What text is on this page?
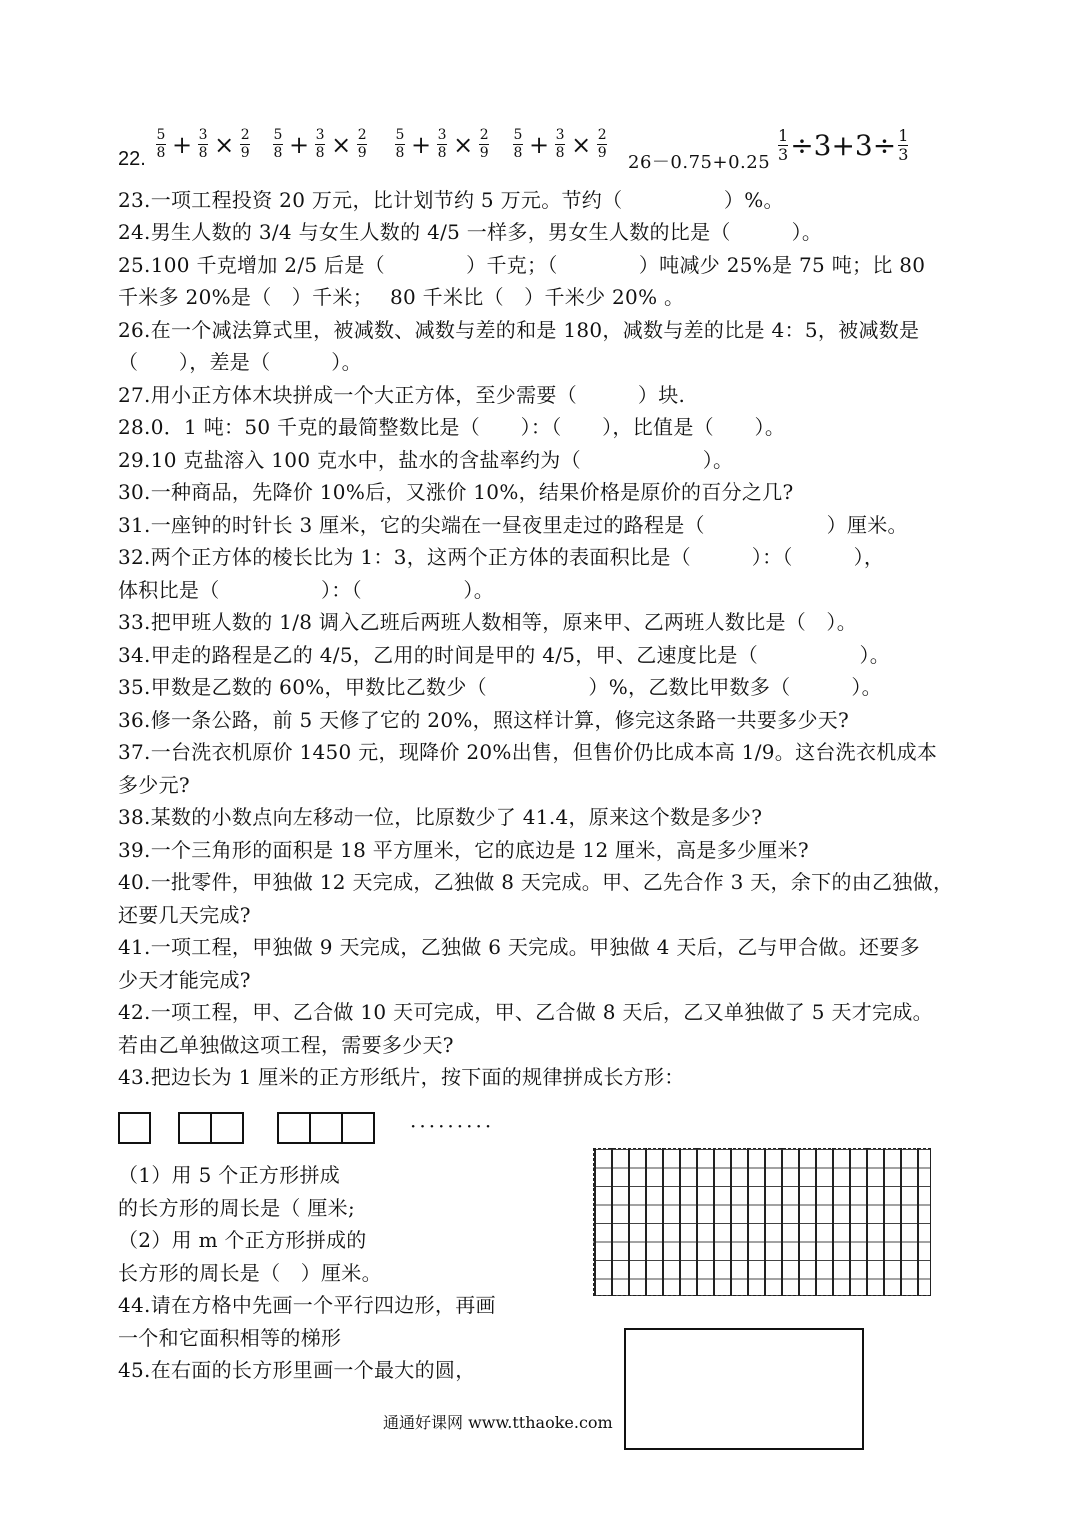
22. $\frac{5}{8} + \frac{3}{8} \times \frac{2}{9} \frac{5}{8} + \frac{3}{8} \times \frac{2}{9} \frac{5}{8} + \frac{3}{8} \times \frac{2}{9} \frac{5}{8} + \frac{3}{8} \times \frac{2}{9}$
$26-0.75+0.25 \frac{1}{3} \div 3+3\div \frac{1}{3}$
23.一项工程投资 20 万元，比计划节约 5 万元。节约（　　　　　）%。
24.男生人数的 3/4 与女生人数的 4/5 一样多，男女生人数的比是（　　　）。
25.100 千克增加 2/5 后是（　　　　）千克；（　　　　）吨减少 25%是 75 吨；比 80
千米多 20%是（　）千米；　 80 千米比（　）千米少 20% 。
26.在一个减法算式里，被减数、减数与差的和是 180，减数与差的比是 4：5，被减数是
（　　），差是（　　　）。
27.用小正方体木块拼成一个大正方体，至少需要（　　　）块.
28.0．1 吨：50 千克的最简整数比是（　　）：（　　），比值是（　　）。
29.10 克盐溶入 100 克水中，盐水的含盐率约为（　　　　　　）。
30.一种商品，先降价 10%后，又涨价 10%，结果价格是原价的百分之几?
31.一座钟的时针长 3 厘米，它的尖端在一昼夜里走过的路程是（　　　　　　）厘米。
32.两个正方体的棱长比为 1：3，这两个正方体的表面积比是（　　　）：（　　　），
体积比是（　　　　　）：（　　　　　）。
33.把甲班人数的 1/8 调入乙班后两班人数相等，原来甲、乙两班人数比是（　）。
34.甲走的路程是乙的 4/5，乙用的时间是甲的 4/5，甲、乙速度比是（　　　　　）。
35.甲数是乙数的 60%，甲数比乙数少（　　　　　）%，乙数比甲数多（　　　）。
36.修一条公路，前 5 天修了它的 20%，照这样计算，修完这条路一共要多少天?
37.一台洗衣机原价 1450 元，现降价 20%出售，但售价仍比成本高 1/9。这台洗衣机成本
多少元?
38.某数的小数点向左移动一位，比原数少了 41.4，原来这个数是多少?
39.一个三角形的面积是 18 平方厘米，它的底边是 12 厘米，高是多少厘米?
40.一批零件，甲独做 12 天完成，乙独做 8 天完成。甲、乙先合作 3 天，余下的由乙独做，
还要几天完成?
41.一项工程，甲独做 9 天完成，乙独做 6 天完成。甲独做 4 天后，乙与甲合做。还要多
少天才能完成?
42.一项工程，甲、乙合做 10 天可完成，甲、乙合做 8 天后，乙又单独做了 5 天才完成。
若由乙单独做这项工程，需要多少天?
43.把边长为 1 厘米的正方形纸片，按下面的规律拼成长方形：
·········
（1）用 5 个正方形拼成
的长方形的周长是（ 厘米;
（2）用 m 个正方形拼成的
长方形的周长是（　）厘米。
44.请在方格中先画一个平行四边形，再画
一个和它面积相等的梯形
45.在右面的长方形里画一个最大的圆，
通通好课网 www.tthaoke.com
